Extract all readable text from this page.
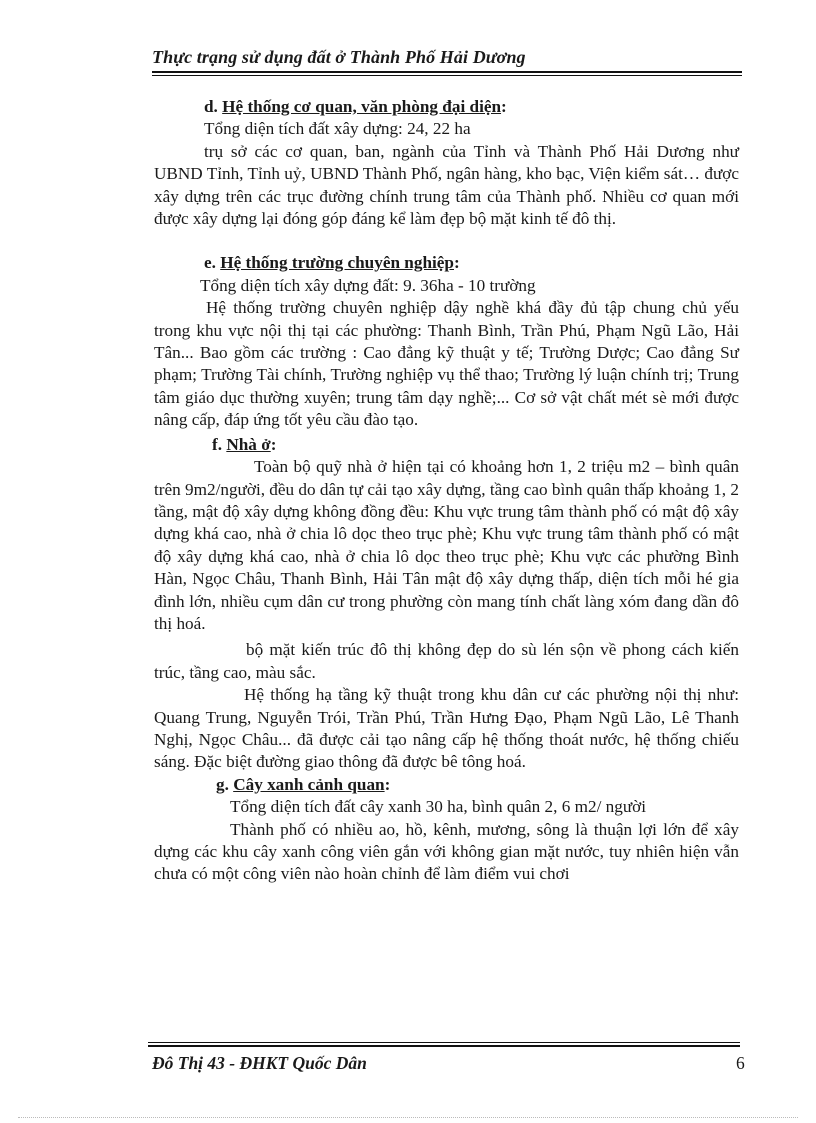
Thực trạng sử dụng đất ở Thành Phố Hải Dương

d. Hệ thống cơ quan, văn phòng đại diện:

Tổng diện tích đất xây dựng: 24, 22 ha

trụ sở các cơ quan, ban, ngành của Tỉnh và Thành Phố Hải Dương như UBND Tỉnh, Tỉnh uỷ, UBND Thành Phố, ngân hàng, kho bạc, Viện kiểm sát… được xây dựng trên các trục đường chính trung tâm của Thành phố. Nhiều cơ quan mới được xây dựng lại đóng góp đáng kể làm đẹp bộ mặt kinh tế đô thị.

e. Hệ thống trường chuyên nghiệp:

Tổng diện tích xây dựng đất: 9. 36ha - 10 trường

Hệ thống trường chuyên nghiệp dậy nghề khá đầy đủ tập chung chủ yếu trong khu vực nội thị tại các phường: Thanh Bình, Trần Phú, Phạm Ngũ Lão, Hải Tân... Bao gồm các trường : Cao đẳng kỹ thuật y tế; Trường Dược; Cao đẳng Sư phạm; Trường Tài chính, Trường nghiệp vụ thể thao; Trường lý luận chính trị; Trung tâm giáo dục thường xuyên; trung tâm dạy nghề;... Cơ sở vật chất mét sè mới được nâng cấp, đáp ứng tốt yêu cầu đào tạo.

f. Nhà ở:

Toàn bộ quỹ nhà ở hiện tại có khoảng hơn 1, 2 triệu m2 – bình quân trên 9m2/người, đều do dân tự cải tạo xây dựng, tầng cao bình quân thấp khoảng 1, 2 tầng, mật độ xây dựng không đồng đều: Khu vực trung tâm thành phố có mật độ xây dựng khá cao, nhà ở chia lô dọc theo trục phè; Khu vực trung tâm thành phố có mật độ xây dựng khá cao, nhà ở chia lô dọc theo trục phè; Khu vực các phường Bình Hàn, Ngọc Châu, Thanh Bình, Hải Tân mật độ xây dựng thấp, diện tích mỗi hé gia đình lớn, nhiều cụm dân cư trong phường còn mang tính chất làng xóm đang dần đô thị hoá.

bộ mặt kiến trúc đô thị không đẹp do sù lén sộn về phong cách kiến trúc, tầng cao, màu sắc.

Hệ thống hạ tầng kỹ thuật trong khu dân cư các phường nội thị như: Quang Trung, Nguyễn Trói, Trần Phú, Trần Hưng Đạo, Phạm Ngũ Lão, Lê Thanh Nghị, Ngọc Châu... đã được cải tạo nâng cấp hệ thống thoát nước, hệ thống chiếu sáng. Đặc biệt đường giao thông đã được bê tông hoá.

g. Cây xanh cảnh quan:

Tổng diện tích đất cây xanh 30 ha, bình quân 2, 6 m2/ người

Thành phố có nhiều ao, hồ, kênh, mương, sông là thuận lợi lớn để xây dựng các khu cây xanh công viên gắn với không gian mặt nước, tuy nhiên hiện vẫn chưa có một công viên nào hoàn chỉnh để làm điểm vui chơi

Đô Thị 43 - ĐHKT Quốc Dân	6
